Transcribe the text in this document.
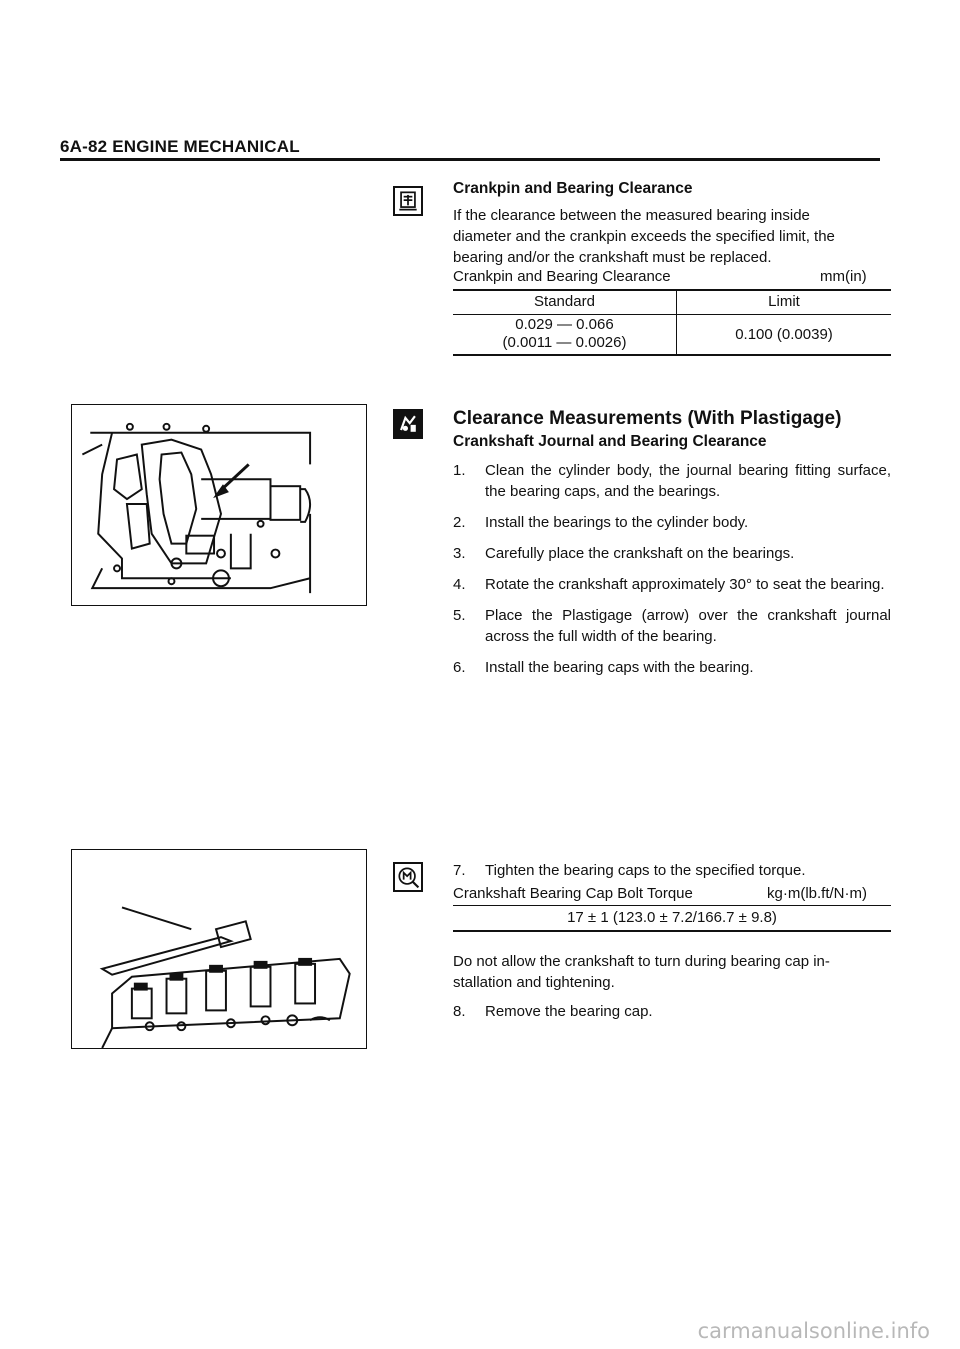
6A-82 ENGINE MECHANICAL
Crankpin and Bearing Clearance
If the clearance between the measured bearing inside
diameter and the crankpin exceeds the specified limit, the
bearing and/or the crankshaft must be replaced.
Crankpin and Bearing Clearance	mm(in)
Standard	Limit
0.029 — 0.066
(0.0011 — 0.0026)	0.100 (0.0039)
Clearance Measurements (With Plastigage)
Crankshaft Journal and Bearing Clearance
1. Clean the cylinder body, the journal bearing fitting surface, the bearing caps, and the bearings.
2. Install the bearings to the cylinder body.
3. Carefully place the crankshaft on the bearings.
4. Rotate the crankshaft approximately 30° to seat the bearing.
5. Place the Plastigage (arrow) over the crankshaft journal across the full width of the bearing.
6. Install the bearing caps with the bearing.
7. Tighten the bearing caps to the specified torque.
Crankshaft Bearing Cap Bolt Torque	kg·m(lb.ft/N·m)
17 ± 1 (123.0 ± 7.2/166.7 ± 9.8)
Do not allow the crankshaft to turn during bearing cap in-
stallation and tightening.
8. Remove the bearing cap.
carmanualsonline.info
